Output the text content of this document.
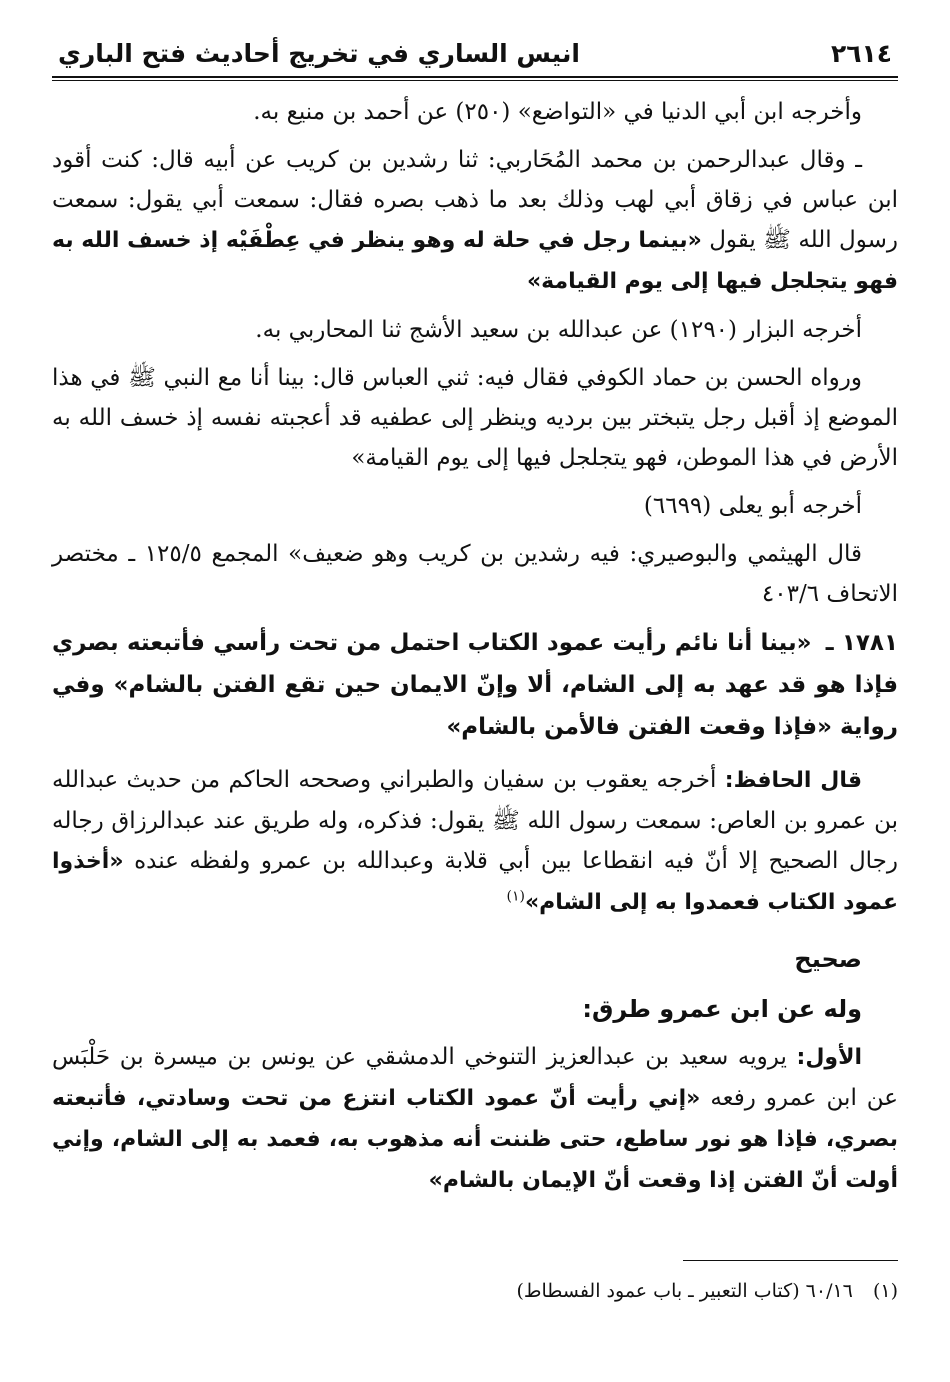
٢٦١٤
انيس الساري في تخريج أحاديث فتح الباري

وأخرجه ابن أبي الدنيا في «التواضع» (٢٥٠) عن أحمد بن منيع به.

ـ وقال عبدالرحمن بن محمد المُحَاربي: ثنا رشدين بن كريب عن أبيه قال: كنت أقود ابن عباس في زقاق أبي لهب وذلك بعد ما ذهب بصره فقال: سمعت أبي يقول: سمعت رسول الله ﷺ يقول «بينما رجل في حلة له وهو ينظر في عِطْفَيْه إذ خسف الله به فهو يتجلجل فيها إلى يوم القيامة»

أخرجه البزار (١٢٩٠) عن عبدالله بن سعيد الأشج ثنا المحاربي به.

ورواه الحسن بن حماد الكوفي فقال فيه: ثني العباس قال: بينا أنا مع النبي ﷺ في هذا الموضع إذ أقبل رجل يتبختر بين برديه وينظر إلى عطفيه قد أعجبته نفسه إذ خسف الله به الأرض في هذا الموطن، فهو يتجلجل فيها إلى يوم القيامة»

أخرجه أبو يعلى (٦٦٩٩)

قال الهيثمي والبوصيري: فيه رشدين بن كريب وهو ضعيف» المجمع ١٢٥/٥ ـ مختصر الاتحاف ٤٠٣/٦

١٧٨١ ـ «بينا أنا نائم رأيت عمود الكتاب احتمل من تحت رأسي فأتبعته بصري فإذا هو قد عهد به إلى الشام، ألا وإنّ الايمان حين تقع الفتن بالشام» وفي رواية «فإذا وقعت الفتن فالأمن بالشام»

قال الحافظ: أخرجه يعقوب بن سفيان والطبراني وصححه الحاكم من حديث عبدالله بن عمرو بن العاص: سمعت رسول الله ﷺ يقول: فذكره، وله طريق عند عبدالرزاق رجاله رجال الصحيح إلا أنّ فيه انقطاعا بين أبي قلابة وعبدالله بن عمرو ولفظه عنده «أخذوا عمود الكتاب فعمدوا به إلى الشام»$^{(١)}$

صحيح
وله عن ابن عمرو طرق:

الأول: يرويه سعيد بن عبدالعزيز التنوخي الدمشقي عن يونس بن ميسرة بن حَلْبَس عن ابن عمرو رفعه «إني رأيت أنّ عمود الكتاب انتزع من تحت وسادتي، فأتبعته بصري، فإذا هو نور ساطع، حتى ظننت أنه مذهوب به، فعمد به إلى الشام، وإني أولت أنّ الفتن إذا وقعت أنّ الإيمان بالشام»

(١) ٦٠/١٦ (كتاب التعبير ـ باب عمود الفسطاط)
